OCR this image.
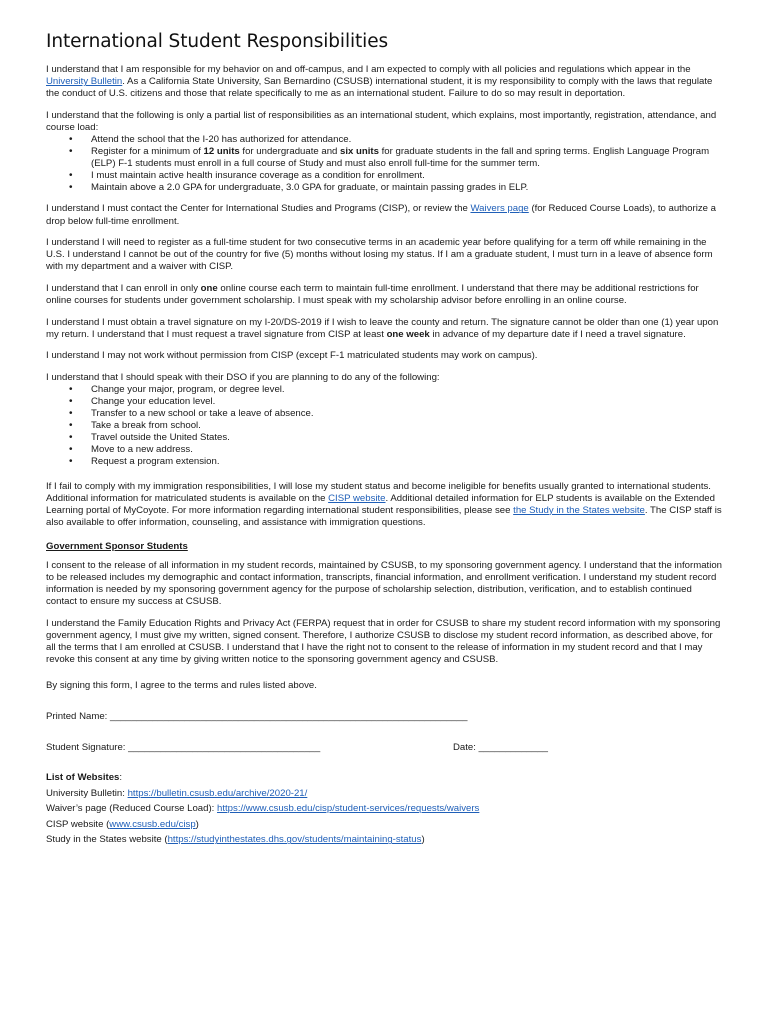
International Student Responsibilities

I understand that I am responsible for my behavior on and off-campus, and I am expected to comply with all policies and regulations which appear in the University Bulletin. As a California State University, San Bernardino (CSUSB) international student, it is my responsibility to comply with the laws that regulate the conduct of U.S. citizens and those that relate specifically to me as an international student. Failure to do so may result in deportation.

I understand that the following is only a partial list of responsibilities as an international student, which explains, most importantly, registration, attendance, and course load:

• Attend the school that the I-20 has authorized for attendance.
• Register for a minimum of 12 units for undergraduate and six units for graduate students in the fall and spring terms. English Language Program (ELP) F-1 students must enroll in a full course of Study and must also enroll full-time for the summer term.
• I must maintain active health insurance coverage as a condition for enrollment.
• Maintain above a 2.0 GPA for undergraduate, 3.0 GPA for graduate, or maintain passing grades in ELP.

I understand I must contact the Center for International Studies and Programs (CISP), or review the Waivers page (for Reduced Course Loads), to authorize a drop below full-time enrollment.

I understand I will need to register as a full-time student for two consecutive terms in an academic year before qualifying for a term off while remaining in the U.S. I understand I cannot be out of the country for five (5) months without losing my status. If I am a graduate student, I must turn in a leave of absence form with my department and a waiver with CISP.

I understand that I can enroll in only one online course each term to maintain full-time enrollment. I understand that there may be additional restrictions for online courses for students under government scholarship. I must speak with my scholarship advisor before enrolling in an online course.

I understand I must obtain a travel signature on my I-20/DS-2019 if I wish to leave the county and return. The signature cannot be older than one (1) year upon my return. I understand that I must request a travel signature from CISP at least one week in advance of my departure date if I need a travel signature.

I understand I may not work without permission from CISP (except F-1 matriculated students may work on campus).

I understand that I should speak with their DSO if you are planning to do any of the following:

• Change your major, program, or degree level.
• Change your education level.
• Transfer to a new school or take a leave of absence.
• Take a break from school.
• Travel outside the United States.
• Move to a new address.
• Request a program extension.

If I fail to comply with my immigration responsibilities, I will lose my student status and become ineligible for benefits usually granted to international students.

Additional information for matriculated students is available on the CISP website. Additional detailed information for ELP students is available on the Extended Learning portal of MyCoyote. For more information regarding international student responsibilities, please see the Study in the States website. The CISP staff is also available to offer information, counseling, and assistance with immigration questions.

Government Sponsor Students

I consent to the release of all information in my student records, maintained by CSUSB, to my sponsoring government agency. I understand that the information to be released includes my demographic and contact information, transcripts, financial information, and enrollment verification. I understand my student record information is needed by my sponsoring government agency for the purpose of scholarship selection, distribution, verification, and to establish continued contact to ensure my success at CSUSB.

I understand the Family Education Rights and Privacy Act (FERPA) request that in order for CSUSB to share my student record information with my sponsoring government agency, I must give my written, signed consent. Therefore, I authorize CSUSB to disclose my student record information, as described above, for all the terms that I am enrolled at CSUSB. I understand that I have the right not to consent to the release of information in my student record and that I may revoke this consent at any time by giving written notice to the sponsoring government agency and CSUSB.

By signing this form, I agree to the terms and rules listed above.

Printed Name: ___________________________________________________________________

Student Signature: ____________________________________	Date: _____________
List of Websites:
University Bulletin: https://bulletin.csusb.edu/archive/2020-21/
Waiver’s page (Reduced Course Load): https://www.csusb.edu/cisp/student-services/requests/waivers
CISP website (www.csusb.edu/cisp)
Study in the States website (https://studyinthestates.dhs.gov/students/maintaining-status)
